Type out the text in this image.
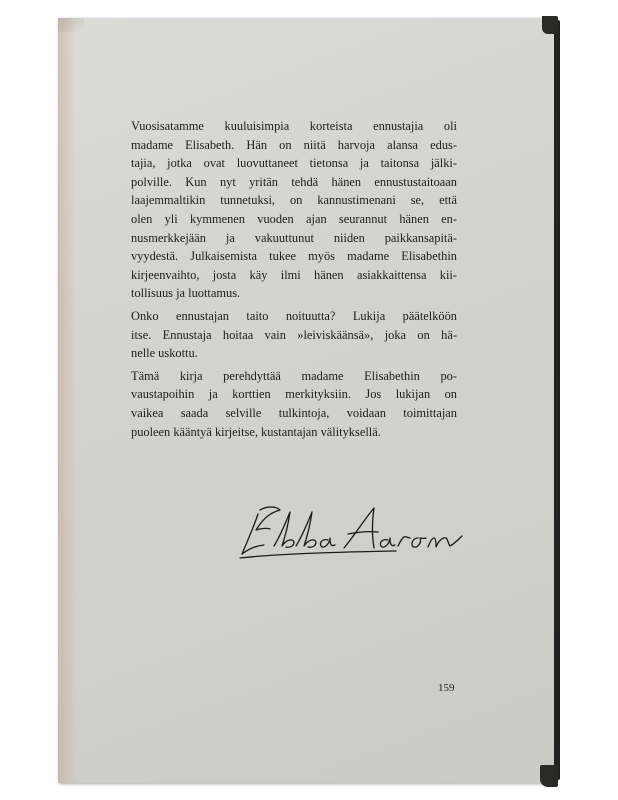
Vuosisatamme kuuluisimpia korteista ennustajia oli
madame Elisabeth. Hän on niitä harvoja alansa edus-
tajia, jotka ovat luovuttaneet tietonsa ja taitonsa jälki-
polville. Kun nyt yritän tehdä hänen ennustustaitoaan
laajemmaltikin tunnetuksi, on kannustimenani se, että
olen yli kymmenen vuoden ajan seurannut hänen en-
nusmerkkejään ja vakuuttunut niiden paikkansapitä-
vyydestä. Julkaisemista tukee myös madame Elisabethin
kirjeenvaihto, josta käy ilmi hänen asiakkaittensa kii-
tollisuus ja luottamus.
Onko ennustajan taito noituutta? Lukija päätelköön
itse. Ennustaja hoitaa vain »leiviskäänsä», joka on hä-
nelle uskottu.
Tämä kirja perehdyttää madame Elisabethin po-
vaustapoihin ja korttien merkityksiin. Jos lukijan on
vaikea saada selville tulkintoja, voidaan toimittajan
puoleen kääntyä kirjeitse, kustantajan välityksellä.
159
